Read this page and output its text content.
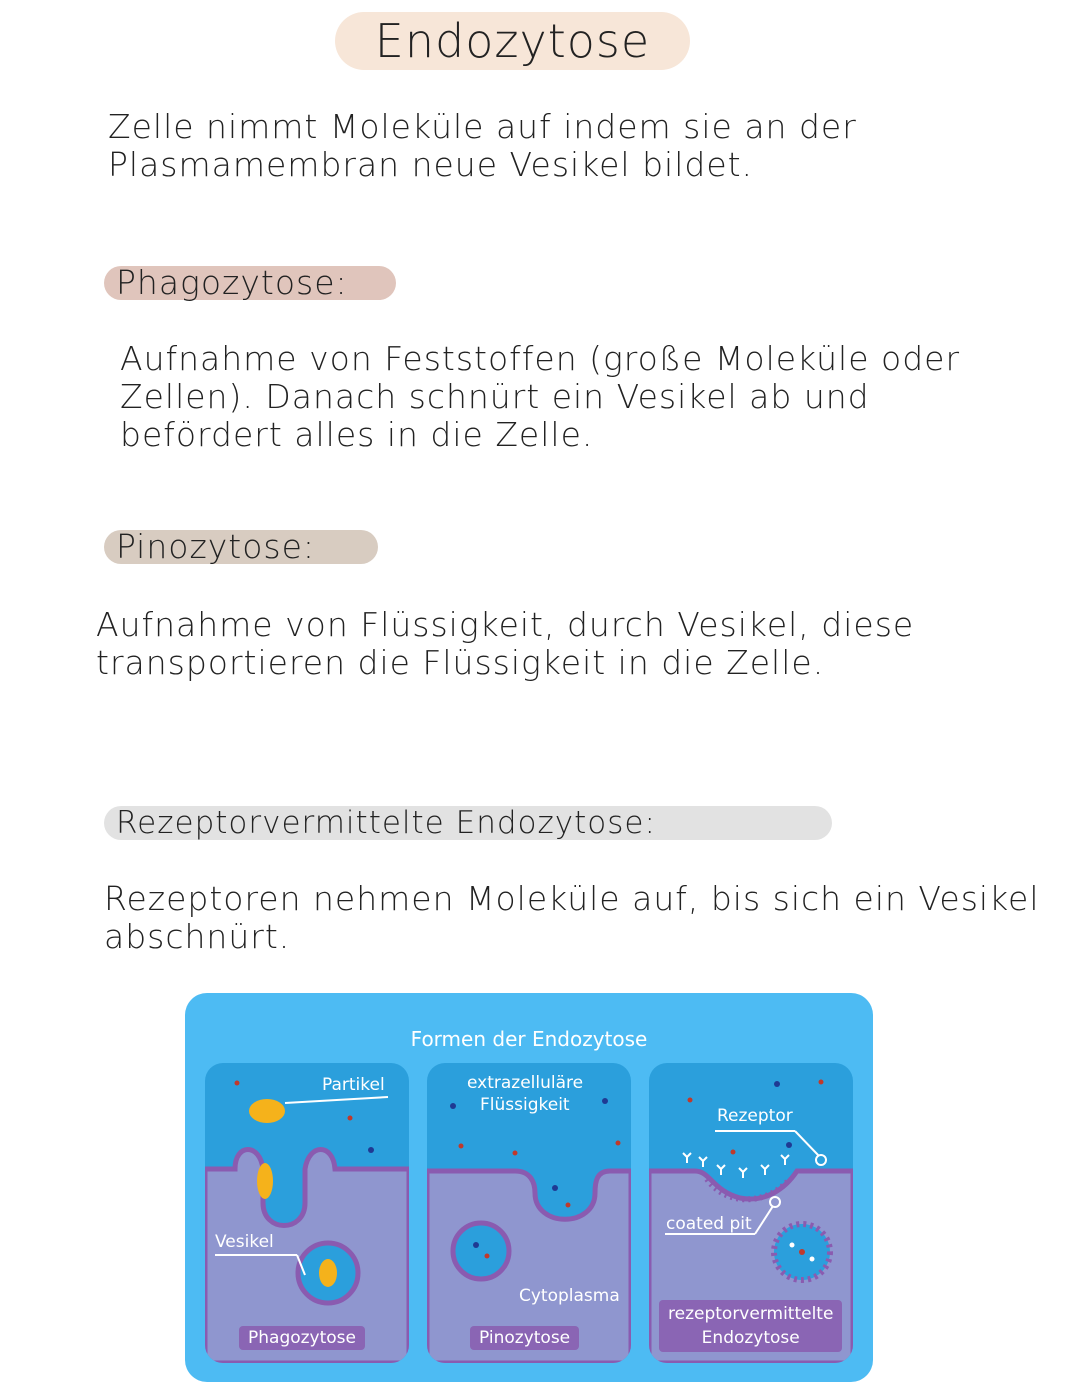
Endozytose
Zelle nimmt Moleküle auf indem sie an der Plasmamembran neue Vesikel bildet.
Phagozytose:
Aufnahme von Feststoffen (große Moleküle oder Zellen). Danach schnürt ein Vesikel ab und befördert alles in die Zelle.
Pinozytose:
Aufnahme von Flüssigkeit, durch Vesikel, diese transportieren die Flüssigkeit in die Zelle.
Rezeptorvermittelte Endozytose:
Rezeptoren nehmen Moleküle auf, bis sich ein Vesikel abschnürt.
Formen der Endozytose
Partikel
Vesikel
extrazelluläre
Flüssigkeit
Cytoplasma
Rezeptor
coated pit
Phagozytose	Pinozytose
rezeptorvermittelte
Endozytose
